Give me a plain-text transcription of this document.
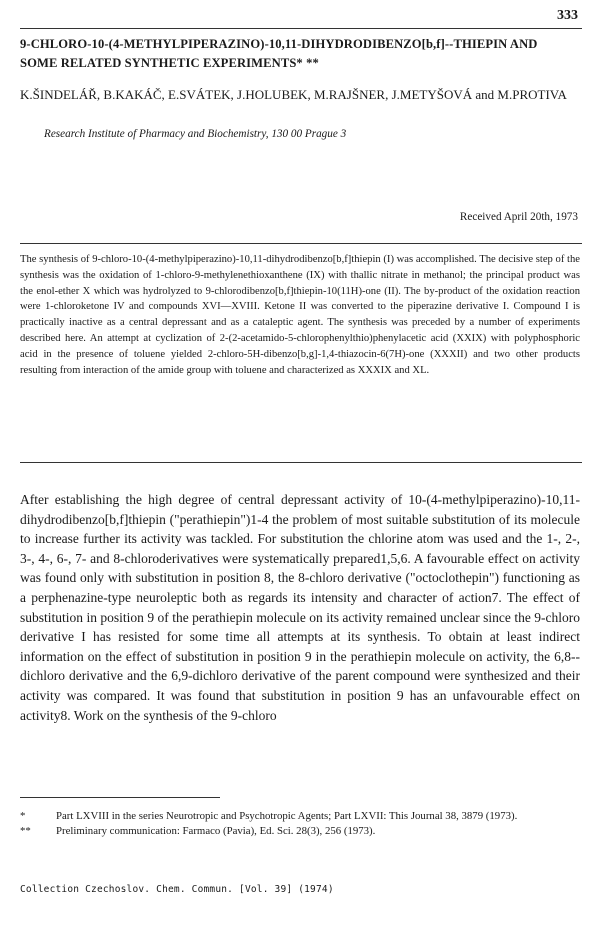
333
9-CHLORO-10-(4-METHYLPIPERAZINO)-10,11-DIHYDRODIBENZO[b,f]--THIEPIN AND SOME RELATED SYNTHETIC EXPERIMENTS* **
K.ŠINDELÁŘ, B.KAKÁČ, E.SVÁTEK, J.HOLUBEK, M.RAJŠNER, J.METYŠOVÁ and M.PROTIVA
Research Institute of Pharmacy and Biochemistry, 130 00 Prague 3
Received April 20th, 1973
The synthesis of 9-chloro-10-(4-methylpiperazino)-10,11-dihydrodibenzo[b,f]thiepin (I) was accomplished. The decisive step of the synthesis was the oxidation of 1-chloro-9-methylenethioxanthene (IX) with thallic nitrate in methanol; the principal product was the enol-ether X which was hydrolyzed to 9-chlorodibenzo[b,f]thiepin-10(11H)-one (II). The by-product of the oxidation reaction were 1-chloroketone IV and compounds XVI—XVIII. Ketone II was converted to the piperazine derivative I. Compound I is practically inactive as a central depressant and as a cataleptic agent. The synthesis was preceded by a number of experiments described here. An attempt at cyclization of 2-(2-acetamido-5-chlorophenylthio)phenylacetic acid (XXIX) with polyphosphoric acid in the presence of toluene yielded 2-chloro-5H-dibenzo[b,g]-1,4-thiazocin-6(7H)-one (XXXII) and two other products resulting from interaction of the amide group with toluene and characterized as XXXIX and XL.
After establishing the high degree of central depressant activity of 10-(4-methylpiperazino)-10,11-dihydrodibenzo[b,f]thiepin ("perathiepin")1-4 the problem of most suitable substitution of its molecule to increase further its activity was tackled. For substitution the chlorine atom was used and the 1-, 2-, 3-, 4-, 6-, 7- and 8-chloroderivatives were systematically prepared1,5,6. A favourable effect on activity was found only with substitution in position 8, the 8-chloro derivative ("octoclothepin") functioning as a perphenazine-type neuroleptic both as regards its intensity and character of action7. The effect of substitution in position 9 of the perathiepin molecule on its activity remained unclear since the 9-chloro derivative I has resisted for some time all attempts at its synthesis. To obtain at least indirect information on the effect of substitution in position 9 in the perathiepin molecule on activity, the 6,8--dichloro derivative and the 6,9-dichloro derivative of the parent compound were synthesized and their activity was compared. It was found that substitution in position 9 has an unfavourable effect on activity8. Work on the synthesis of the 9-chloro
*	Part LXVIII in the series Neurotropic and Psychotropic Agents; Part LXVII: This Journal 38, 3879 (1973).
**	Preliminary communication: Farmaco (Pavia), Ed. Sci. 28(3), 256 (1973).
Collection Czechoslov. Chem. Commun. [Vol. 39] (1974)
